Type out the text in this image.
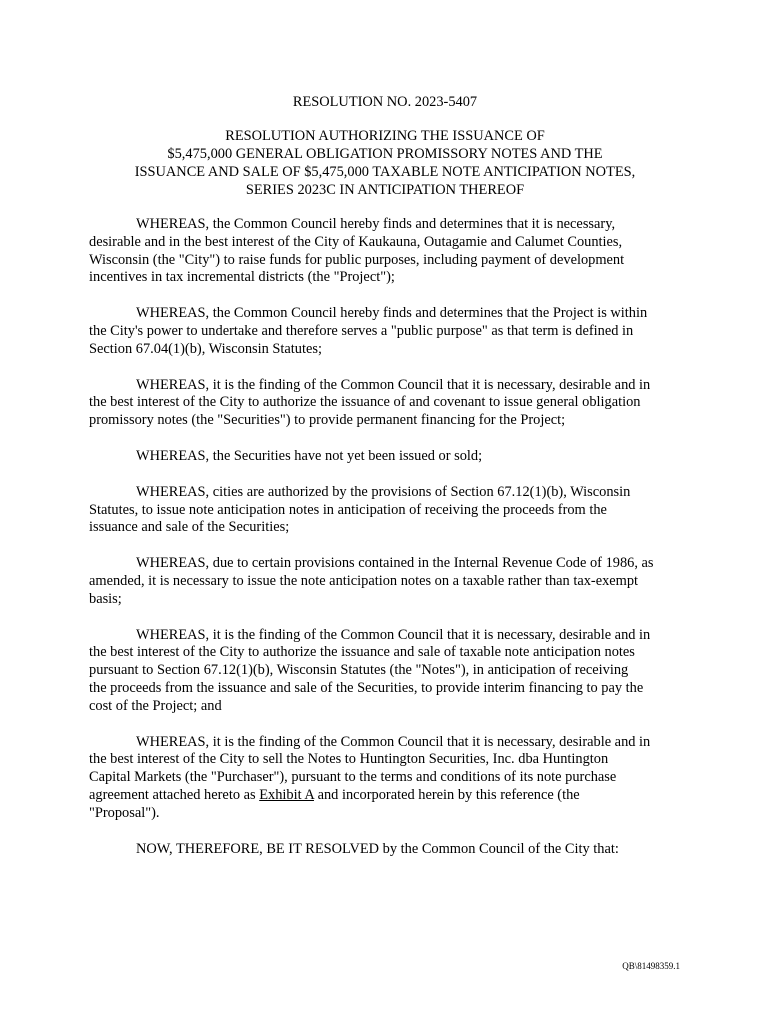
RESOLUTION NO. 2023-5407
RESOLUTION AUTHORIZING THE ISSUANCE OF
$5,475,000 GENERAL OBLIGATION PROMISSORY NOTES AND THE
ISSUANCE AND SALE OF $5,475,000 TAXABLE NOTE ANTICIPATION NOTES,
SERIES 2023C IN ANTICIPATION THEREOF
WHEREAS, the Common Council hereby finds and determines that it is necessary,
desirable and in the best interest of the City of Kaukauna, Outagamie and Calumet Counties,
Wisconsin (the "City") to raise funds for public purposes, including payment of development
incentives in tax incremental districts (the "Project");
WHEREAS, the Common Council hereby finds and determines that the Project is within
the City's power to undertake and therefore serves a "public purpose" as that term is defined in
Section 67.04(1)(b), Wisconsin Statutes;
WHEREAS, it is the finding of the Common Council that it is necessary, desirable and in
the best interest of the City to authorize the issuance of and covenant to issue general obligation
promissory notes (the "Securities") to provide permanent financing for the Project;
WHEREAS, the Securities have not yet been issued or sold;
WHEREAS, cities are authorized by the provisions of Section 67.12(1)(b), Wisconsin
Statutes, to issue note anticipation notes in anticipation of receiving the proceeds from the
issuance and sale of the Securities;
WHEREAS, due to certain provisions contained in the Internal Revenue Code of 1986, as
amended, it is necessary to issue the note anticipation notes on a taxable rather than tax-exempt
basis;
WHEREAS, it is the finding of the Common Council that it is necessary, desirable and in
the best interest of the City to authorize the issuance and sale of taxable note anticipation notes
pursuant to Section 67.12(1)(b), Wisconsin Statutes (the "Notes"), in anticipation of receiving
the proceeds from the issuance and sale of the Securities, to provide interim financing to pay the
cost of the Project; and
WHEREAS, it is the finding of the Common Council that it is necessary, desirable and in
the best interest of the City to sell the Notes to Huntington Securities, Inc. dba Huntington
Capital Markets (the "Purchaser"), pursuant to the terms and conditions of its note purchase
agreement attached hereto as Exhibit A and incorporated herein by this reference (the
"Proposal").
NOW, THEREFORE, BE IT RESOLVED by the Common Council of the City that:
QB\81498359.1
